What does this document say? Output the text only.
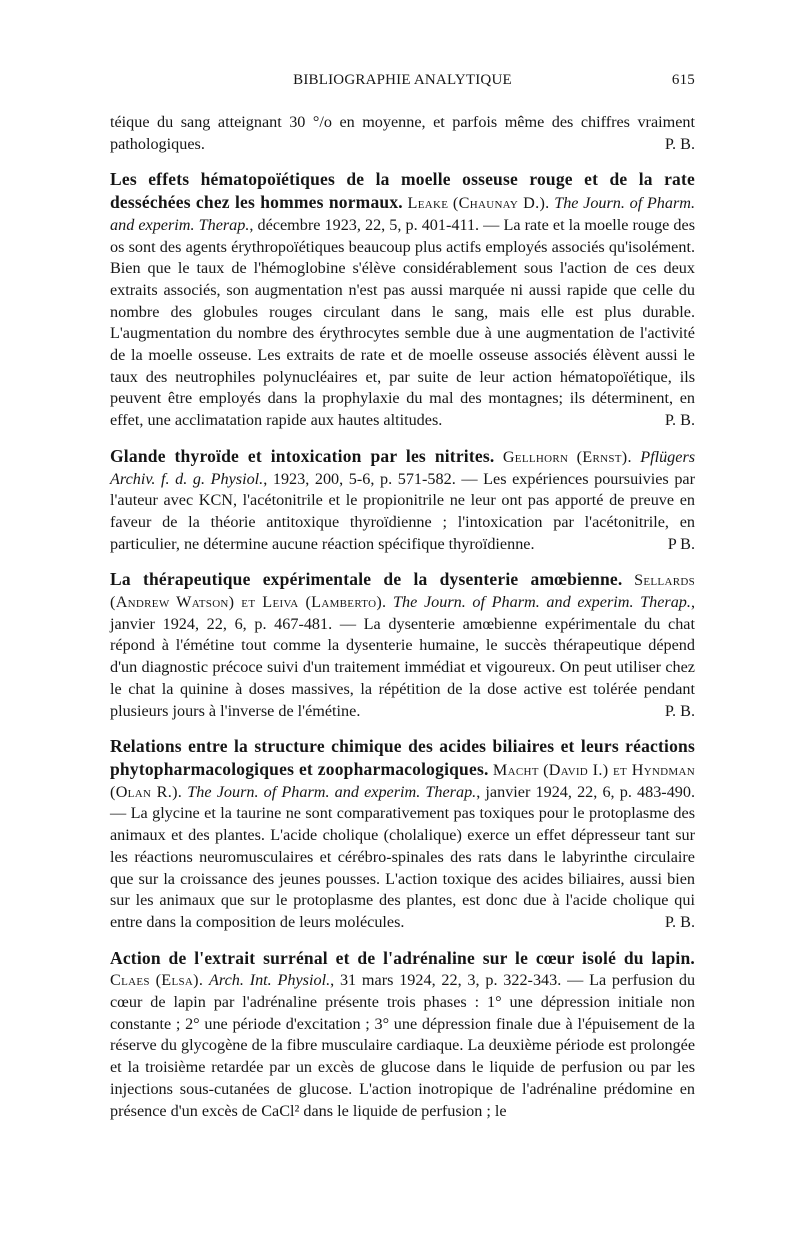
BIBLIOGRAPHIE ANALYTIQUE	615
téique du sang atteignant 30 °/o en moyenne, et parfois même des chiffres vraiment pathologiques.	P. B.
Les effets hématopoïétiques de la moelle osseuse rouge et de la rate desséchées chez les hommes normaux. Leake (Chaunay D.). The Journ. of Pharm. and experim. Therap., décembre 1923, 22, 5, p. 401-411. — La rate et la moelle rouge des os sont des agents érythropoïétiques beaucoup plus actifs employés associés qu'isolément. Bien que le taux de l'hémoglobine s'élève considérablement sous l'action de ces deux extraits associés, son augmentation n'est pas aussi marquée ni aussi rapide que celle du nombre des globules rouges circulant dans le sang, mais elle est plus durable. L'augmentation du nombre des érythrocytes semble due à une augmentation de l'activité de la moelle osseuse. Les extraits de rate et de moelle osseuse associés élèvent aussi le taux des neutrophiles polynucléaires et, par suite de leur action hématopoïétique, ils peuvent être employés dans la prophylaxie du mal des montagnes; ils déterminent, en effet, une acclimatation rapide aux hautes altitudes.	P. B.
Glande thyroïde et intoxication par les nitrites. Gellhorn (Ernst). Pflügers Archiv. f. d. g. Physiol., 1923, 200, 5-6, p. 571-582. — Les expériences poursuivies par l'auteur avec KCN, l'acétonitrile et le propionitrile ne leur ont pas apporté de preuve en faveur de la théorie antitoxique thyroïdienne ; l'intoxication par l'acétonitrile, en particulier, ne détermine aucune réaction spécifique thyroïdienne.	P B.
La thérapeutique expérimentale de la dysenterie amœbienne. Sellards (Andrew Watson) et Leiva (Lamberto). The Journ. of Pharm. and experim. Therap., janvier 1924, 22, 6, p. 467-481. — La dysenterie amœbienne expérimentale du chat répond à l'émétine tout comme la dysenterie humaine, le succès thérapeutique dépend d'un diagnostic précoce suivi d'un traitement immédiat et vigoureux. On peut utiliser chez le chat la quinine à doses massives, la répétition de la dose active est tolérée pendant plusieurs jours à l'inverse de l'émétine.	P. B.
Relations entre la structure chimique des acides biliaires et leurs réactions phytopharmacologiques et zoopharmacologiques. Macht (David I.) et Hyndman (Olan R.). The Journ. of Pharm. and experim. Therap., janvier 1924, 22, 6, p. 483-490. — La glycine et la taurine ne sont comparativement pas toxiques pour le protoplasme des animaux et des plantes. L'acide cholique (cholalique) exerce un effet dépresseur tant sur les réactions neuromusculaires et cérébro-spinales des rats dans le labyrinthe circulaire que sur la croissance des jeunes pousses. L'action toxique des acides biliaires, aussi bien sur les animaux que sur le protoplasme des plantes, est donc due à l'acide cholique qui entre dans la composition de leurs molécules.	P. B.
Action de l'extrait surrénal et de l'adrénaline sur le cœur isolé du lapin. Claes (Elsa). Arch. Int. Physiol., 31 mars 1924, 22, 3, p. 322-343. — La perfusion du cœur de lapin par l'adrénaline présente trois phases : 1° une dépression initiale non constante ; 2° une période d'excitation ; 3° une dépression finale due à l'épuisement de la réserve du glycogène de la fibre musculaire cardiaque. La deuxième période est prolongée et la troisième retardée par un excès de glucose dans le liquide de perfusion ou par les injections sous-cutanées de glucose. L'action inotropique de l'adrénaline prédomine en présence d'un excès de CaCl² dans le liquide de perfusion ; le
